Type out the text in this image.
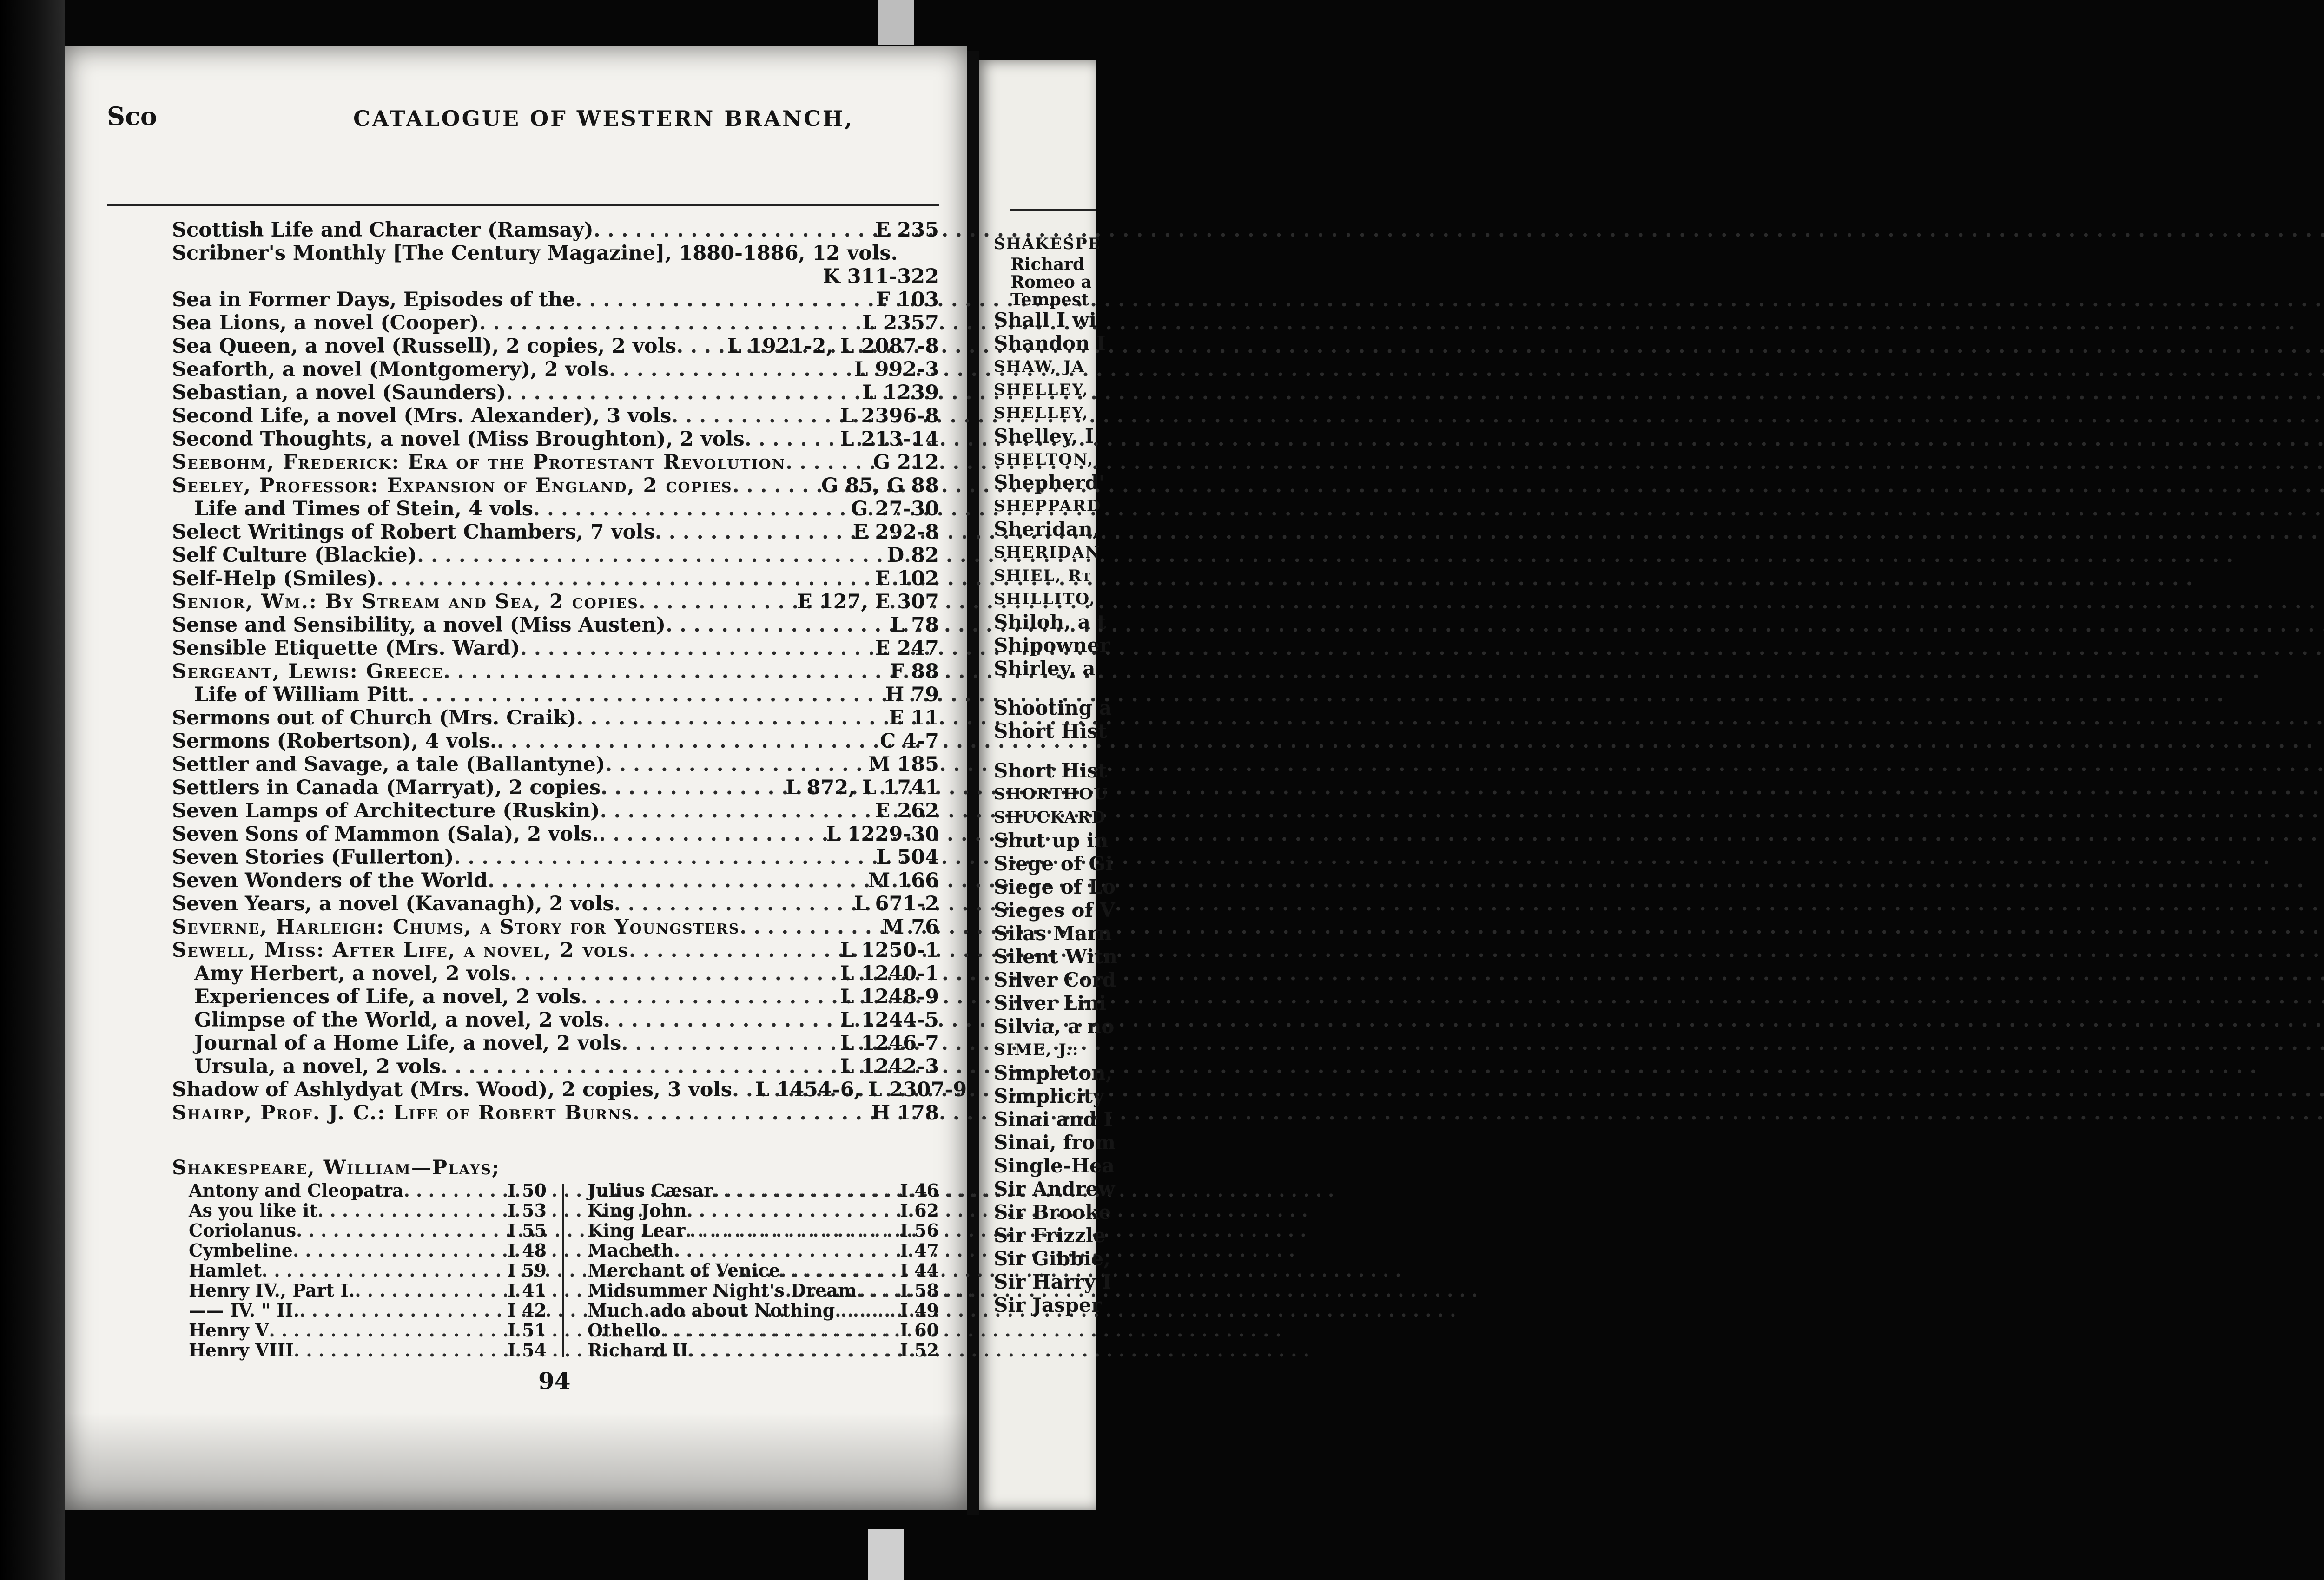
Sco	CATALOGUE OF WESTERN BRANCH,
Scottish Life and Character (Ramsay) . . .	E 235
Scribner's Monthly [The Century Magazine], 1880-1886, 12 vols.
K 311-322
Sea in Former Days, Episodes of the . . .	F 103
Sea Lions, a novel (Cooper) . . .	L 2357
Sea Queen, a novel (Russell), 2 copies, 2 vols . . .	L 1921-2, L 2087-8
Seaforth, a novel (Montgomery), 2 vols . . .	L 992-3
Sebastian, a novel (Saunders) . . .	L 1239
Second Life, a novel (Mrs. Alexander), 3 vols . . .	L 2396-8
Second Thoughts, a novel (Miss Broughton), 2 vols . . .	L 213-14
Seebohm, Frederick: Era of the Protestant Revolution . . .	G 212
Seeley, Professor: Expansion of England, 2 copies . . .	G 85, G 88
Life and Times of Stein, 4 vols . . .	G 27-30
Select Writings of Robert Chambers, 7 vols . . .	E 292-8
Self Culture (Blackie) . . .	D 82
Self-Help (Smiles) . . .	E 102
Senior, Wm.: By Stream and Sea, 2 copies . . .	E 127, E 307
Sense and Sensibility, a novel (Miss Austen) . . .	L 78
Sensible Etiquette (Mrs. Ward) . . .	E 247
Sergeant, Lewis: Greece . . .	F 88
Life of William Pitt . . .	H 79
Sermons out of Church (Mrs. Craik) . . .	E 11
Sermons (Robertson), 4 vols. . . .	C 4-7
Settler and Savage, a tale (Ballantyne) . . .	M 185
Settlers in Canada (Marryat), 2 copies . . .	L 872, L 1741
Seven Lamps of Architecture (Ruskin) . . .	E 262
Seven Sons of Mammon (Sala), 2 vols. . . .	L 1229-30
Seven Stories (Fullerton) . . .	L 504
Seven Wonders of the World . . .	M 166
Seven Years, a novel (Kavanagh), 2 vols . . .	L 671-2
Severne, Harleigh: Chums, a Story for Youngsters . . .	M 76
Sewell, Miss: After Life, a novel, 2 vols . . .	L 1250-1
Amy Herbert, a novel, 2 vols . . .	L 1240-1
Experiences of Life, a novel, 2 vols . . .	L 1248-9
Glimpse of the World, a novel, 2 vols . . .	L 1244-5
Journal of a Home Life, a novel, 2 vols . . .	L 1246-7
Ursula, a novel, 2 vols . . .	L 1242-3
Shadow of Ashlydyat (Mrs. Wood), 2 copies, 3 vols . . . L 1454-6, L 2307-9
Shairp, Prof. J. C.: Life of Robert Burns . . .	H 178
Shakespeare, William—Plays;
Antony and Cleopatra . . .	I 50
As you like it . . .	I 53
Coriolanus . . .	I 55
Cymbeline . . .	I 48
Hamlet . . .	I 59
Henry IV., Part I. . . .	I 41
—— IV. " II. . . .	I 42
Henry V . . .	I 51
Henry VIII . . .	I 54
Julius Cæsar . . .	I 46
King John . . .	I 62
King Lear . . .	I 56
Macbeth . . .	I 47
Merchant of Venice . . .	I 44
Midsummer Night's Dream . . . I 58
Much ado about Nothing . . .	I 49
Othello . . .	I 60
Richard II . . .	I 52
94
SHAKESPE
Richard
Romeo a
Tempest
Shall I wi
Shandon I
SHAW, JA
SHELLEY,
SHELLEY,
Shelley, I
SHELTON,
Shepherd'
SHEPPARD
Sheridan,
SHERIDAN
SHIEL, Rt
SHILLITO,
Shiloh, a t
Shipowner
Shirley, a
Shooting a
Short Hist
Short Hist
SHORTHOU
SHUCKARD
Shut up in
Siege of Gi
Siege of Lo
Sieges of V
Silas Marn
Silent Witn
Silver Cord
Silver Lini
Silvia, a no
SIME, J.:
Simpleton,
Simplicity
Sinai and I
Sinai, from
Single-Hea
Sir Andrew
Sir Brooke
Sir Frizzle
Sir Gibbie,
Sir Harry I
Sir Jasper
